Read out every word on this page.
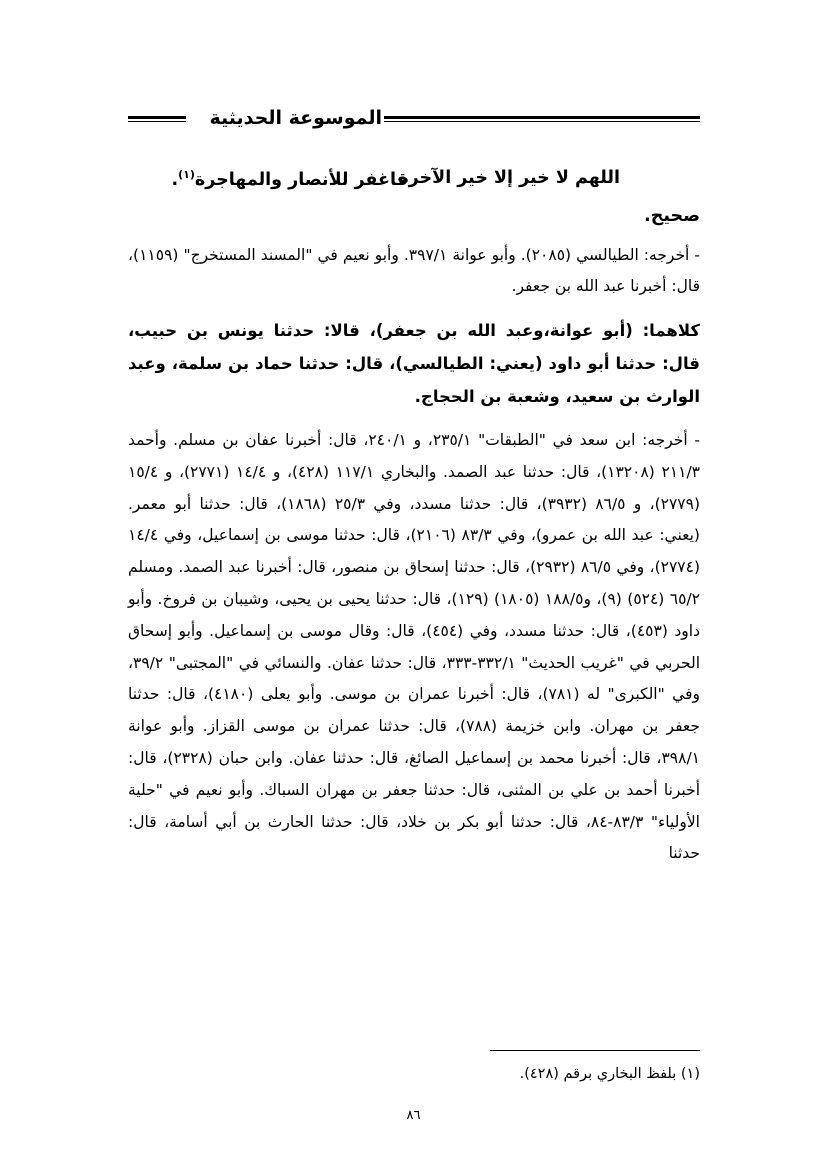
الموسوعة الحديثية
اللهم لا خير إلا خير الآخرة
فاغفر للأنصار والمهاجرة$^{(١)}$.
صحيح.
- أخرجه: الطيالسي (٢٠٨٥). وأبو عوانة ٣٩٧/١. وأبو نعيم في "المسند المستخرج" (١١٥٩)، قال: أخبرنا عبد الله بن جعفر.
كلاهما: (أبو عوانة،وعبد الله بن جعفر)، قالا: حدثنا يونس بن حبيب، قال: حدثنا أبو داود (يعني: الطيالسي)، قال: حدثنا حماد بن سلمة، وعبد الوارث بن سعيد، وشعبة بن الحجاج.
- أخرجه: ابن سعد في "الطبقات" ٢٣٥/١، و ٢٤٠/١، قال: أخبرنا عفان بن مسلم. وأحمد ٢١١/٣ (١٣٢٠٨)، قال: حدثنا عبد الصمد. والبخاري ١١٧/١ (٤٢٨)، و ١٤/٤ (٢٧٧١)، و ١٥/٤ (٢٧٧٩)، و ٨٦/٥ (٣٩٣٢)، قال: حدثنا مسدد، وفي ٢٥/٣ (١٨٦٨)، قال: حدثنا أبو معمر. (يعني: عبد الله بن عمرو)، وفي ٨٣/٣ (٢١٠٦)، قال: حدثنا موسى بن إسماعيل، وفي ١٤/٤ (٢٧٧٤)، وفي ٨٦/٥ (٢٩٣٢)، قال: حدثنا إسحاق بن منصور، قال: أخبرنا عبد الصمد. ومسلم ٦٥/٢ (٥٢٤) (٩)، و١٨٨/٥ (١٨٠٥) (١٢٩)، قال: حدثنا يحيى بن يحيى، وشيبان بن فروخ. وأبو داود (٤٥٣)، قال: حدثنا مسدد، وفي (٤٥٤)، قال: وقال موسى بن إسماعيل. وأبو إسحاق الحربي في "غريب الحديث" ٣٣٢/١-٣٣٣، قال: حدثنا عفان. والنسائي في "المجتبى" ٣٩/٢، وفي "الكبرى" له (٧٨١)، قال: أخبرنا عمران بن موسى. وأبو يعلى (٤١٨٠)، قال: حدثنا جعفر بن مهران. وابن خزيمة (٧٨٨)، قال: حدثنا عمران بن موسى القزاز. وأبو عوانة ٣٩٨/١، قال: أخبرنا محمد بن إسماعيل الصائغ، قال: حدثنا عفان. وابن حبان (٢٣٢٨)، قال: أخبرنا أحمد بن علي بن المثنى، قال: حدثنا جعفر بن مهران السباك. وأبو نعيم في "حلية الأولياء" ٨٣/٣-٨٤، قال: حدثنا أبو بكر بن خلاد، قال: حدثنا الحارث بن أبي أسامة، قال: حدثنا
(١) بلفظ البخاري برقم (٤٢٨).
٨٦
